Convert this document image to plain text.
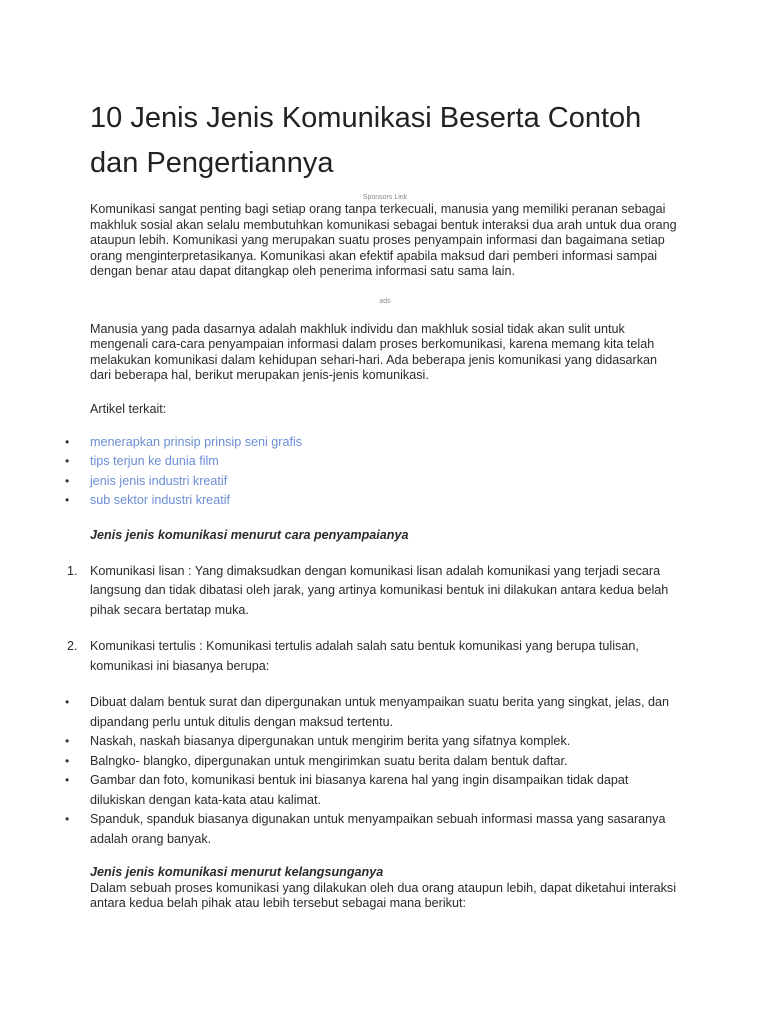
10 Jenis Jenis Komunikasi Beserta Contoh dan Pengertiannya
Sponsors Link

Komunikasi sangat penting bagi setiap orang tanpa terkecuali, manusia yang memiliki peranan sebagai makhluk sosial akan selalu membutuhkan komunikasi sebagai bentuk interaksi dua arah untuk dua orang ataupun lebih. Komunikasi yang merupakan suatu proses penyampain informasi dan bagaimana setiap orang menginterpretasikanya. Komunikasi akan efektif apabila maksud dari pemberi informasi sampai dengan benar atau dapat ditangkap oleh penerima informasi satu sama lain.

ads

Manusia yang pada dasarnya adalah makhluk individu dan makhluk sosial tidak akan sulit untuk mengenali cara-cara penyampaian informasi dalam proses berkomunikasi, karena memang kita telah melakukan komunikasi dalam kehidupan sehari-hari. Ada beberapa jenis komunikasi yang didasarkan dari beberapa hal, berikut merupakan jenis-jenis komunikasi.

Artikel terkait:

• menerapkan prinsip prinsip seni grafis
• tips terjun ke dunia film
• jenis jenis industri kreatif
• sub sektor industri kreatif

Jenis jenis komunikasi menurut cara penyampaianya

1. Komunikasi lisan : Yang dimaksudkan dengan komunikasi lisan adalah komunikasi yang terjadi secara langsung dan tidak dibatasi oleh jarak, yang artinya komunikasi bentuk ini dilakukan antara kedua belah pihak secara bertatap muka.
2. Komunikasi tertulis : Komunikasi tertulis adalah salah satu bentuk komunikasi yang berupa tulisan, komunikasi ini biasanya berupa:
• Dibuat dalam bentuk surat dan dipergunakan untuk menyampaikan suatu berita yang singkat, jelas, dan dipandang perlu untuk ditulis dengan maksud tertentu.
• Naskah, naskah biasanya dipergunakan untuk mengirim berita yang sifatnya komplek.
• Balngko- blangko, dipergunakan untuk mengirimkan suatu berita dalam bentuk daftar.
• Gambar dan foto, komunikasi bentuk ini biasanya karena hal yang ingin disampaikan tidak dapat dilukiskan dengan kata-kata atau kalimat.
• Spanduk, spanduk biasanya digunakan untuk menyampaikan sebuah informasi massa yang sasaranya adalah orang banyak.

Jenis jenis komunikasi menurut kelangsunganya

Dalam sebuah proses komunikasi yang dilakukan oleh dua orang ataupun lebih, dapat diketahui interaksi antara kedua belah pihak atau lebih tersebut sebagai mana berikut:
